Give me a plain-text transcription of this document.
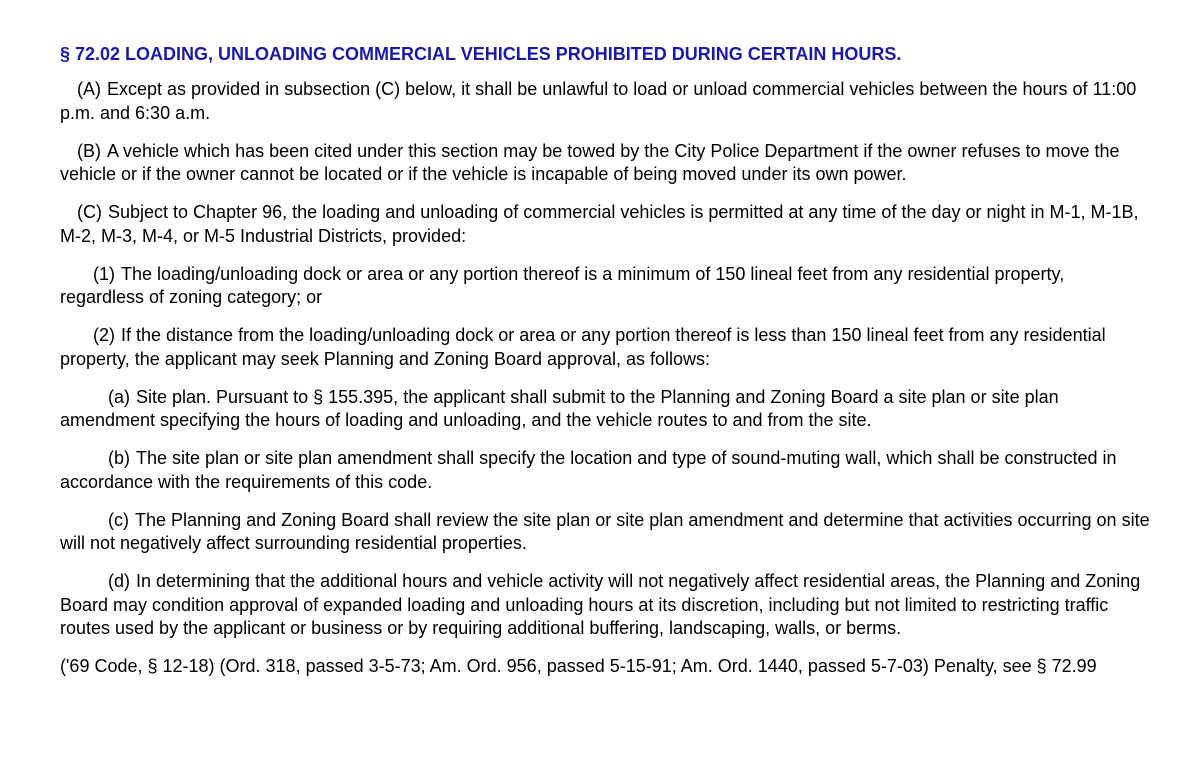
§ 72.02 LOADING, UNLOADING COMMERCIAL VEHICLES PROHIBITED DURING CERTAIN HOURS.

(A) Except as provided in subsection (C) below, it shall be unlawful to load or unload commercial vehicles between the hours of 11:00 p.m. and 6:30 a.m.

(B) A vehicle which has been cited under this section may be towed by the City Police Department if the owner refuses to move the vehicle or if the owner cannot be located or if the vehicle is incapable of being moved under its own power.

(C) Subject to Chapter 96, the loading and unloading of commercial vehicles is permitted at any time of the day or night in M-1, M-1B, M-2, M-3, M-4, or M-5 Industrial Districts, provided:

(1) The loading/unloading dock or area or any portion thereof is a minimum of 150 lineal feet from any residential property, regardless of zoning category; or

(2) If the distance from the loading/unloading dock or area or any portion thereof is less than 150 lineal feet from any residential property, the applicant may seek Planning and Zoning Board approval, as follows:

(a) Site plan. Pursuant to § 155.395, the applicant shall submit to the Planning and Zoning Board a site plan or site plan amendment specifying the hours of loading and unloading, and the vehicle routes to and from the site.

(b) The site plan or site plan amendment shall specify the location and type of sound-muting wall, which shall be constructed in accordance with the requirements of this code.

(c) The Planning and Zoning Board shall review the site plan or site plan amendment and determine that activities occurring on site will not negatively affect surrounding residential properties.

(d) In determining that the additional hours and vehicle activity will not negatively affect residential areas, the Planning and Zoning Board may condition approval of expanded loading and unloading hours at its discretion, including but not limited to restricting traffic routes used by the applicant or business or by requiring additional buffering, landscaping, walls, or berms.

('69 Code, § 12-18) (Ord. 318, passed 3-5-73; Am. Ord. 956, passed 5-15-91; Am. Ord. 1440, passed 5-7-03) Penalty, see § 72.99
